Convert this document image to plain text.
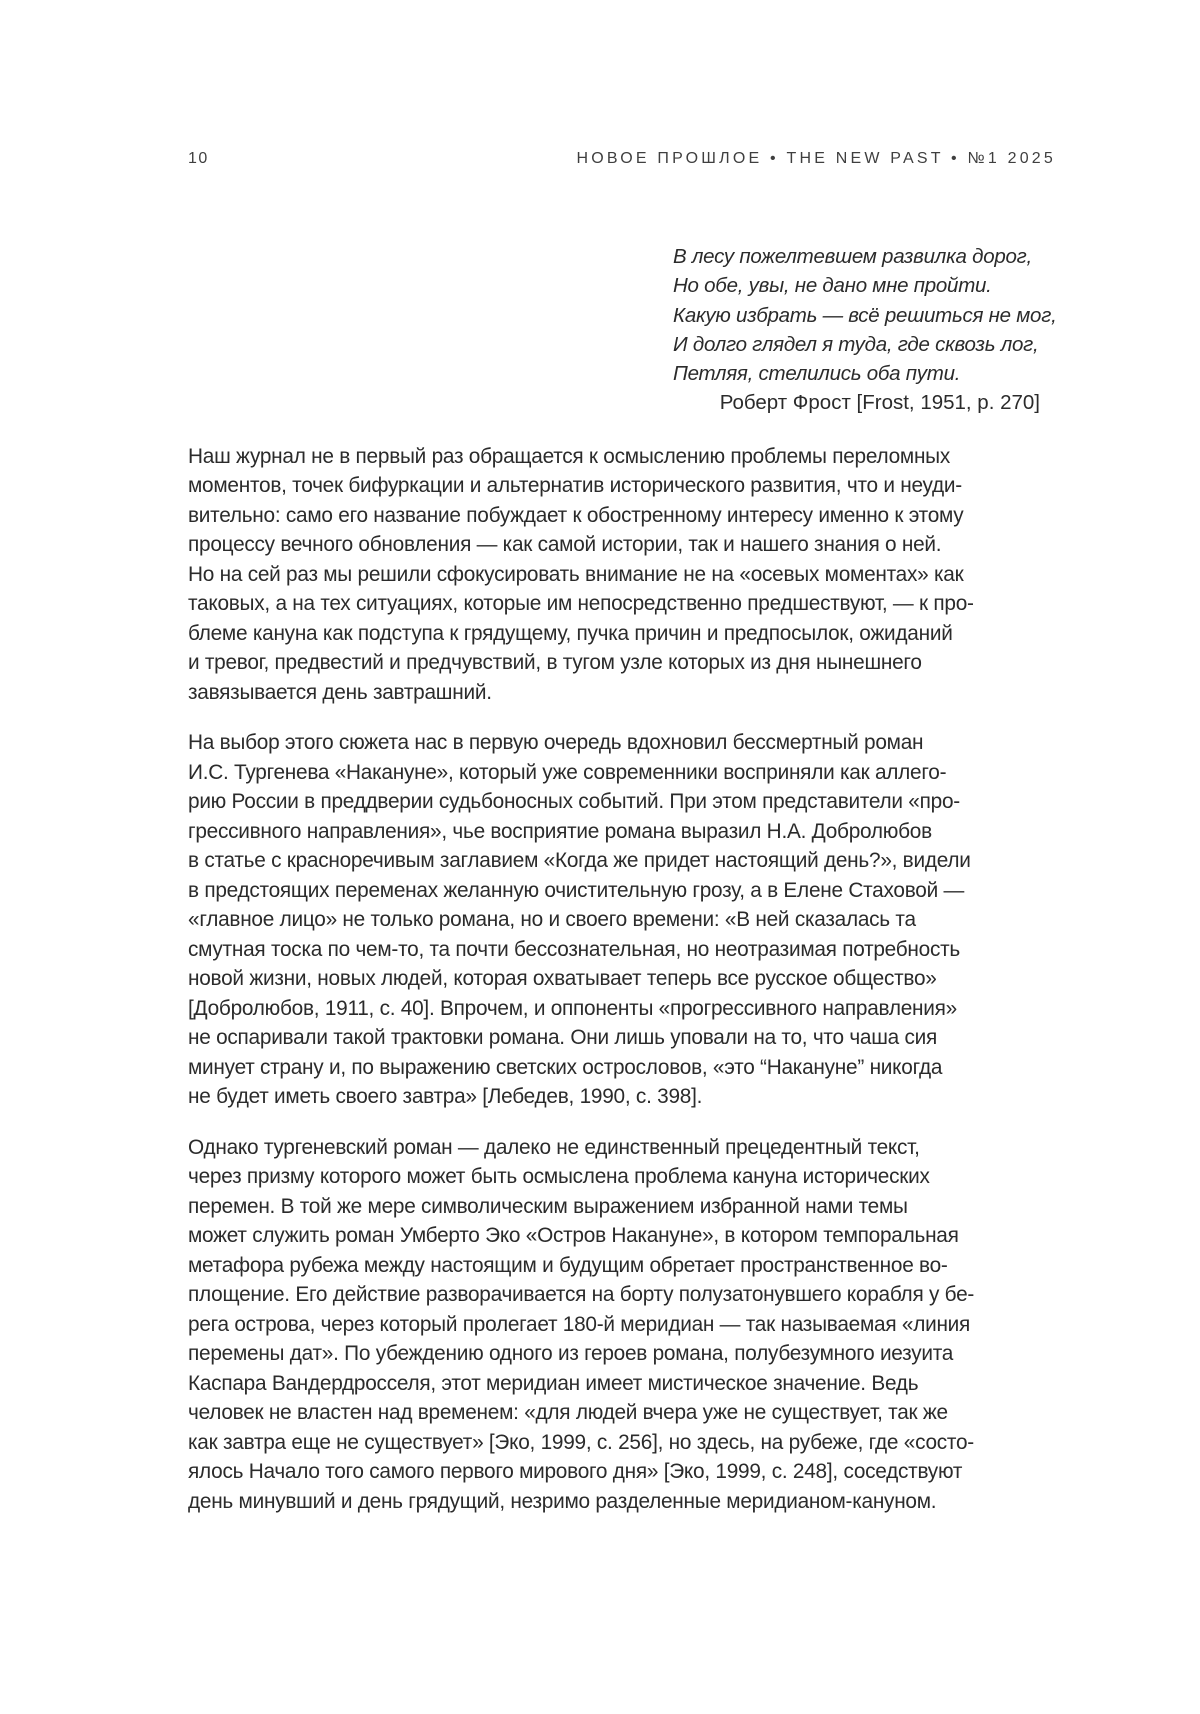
10	НОВОЕ ПРОШЛОЕ • THE NEW PAST • №1 2025
В лесу пожелтевшем развилка дорог,
Но обе, увы, не дано мне пройти.
Какую избрать — всё решиться не мог,
И долго глядел я туда, где сквозь лог,
Петляя, стелились оба пути.
Роберт Фрост [Frost, 1951, p. 270]
Наш журнал не в первый раз обращается к осмыслению проблемы переломных
моментов, точек бифуркации и альтернатив исторического развития, что и неуди-
вительно: само его название побуждает к обостренному интересу именно к этому
процессу вечного обновления — как самой истории, так и нашего знания о ней.
Но на сей раз мы решили сфокусировать внимание не на «осевых моментах» как
таковых, а на тех ситуациях, которые им непосредственно предшествуют, — к про-
блеме кануна как подступа к грядущему, пучка причин и предпосылок, ожиданий
и тревог, предвестий и предчувствий, в тугом узле которых из дня нынешнего
завязывается день завтрашний.
На выбор этого сюжета нас в первую очередь вдохновил бессмертный роман
И.С. Тургенева «Накануне», который уже современники восприняли как аллего-
рию России в преддверии судьбоносных событий. При этом представители «про-
грессивного направления», чье восприятие романа выразил Н.А. Добролюбов
в статье с красноречивым заглавием «Когда же придет настоящий день?», видели
в предстоящих переменах желанную очистительную грозу, а в Елене Стаховой —
«главное лицо» не только романа, но и своего времени: «В ней сказалась та
смутная тоска по чем-то, та почти бессознательная, но неотразимая потребность
новой жизни, новых людей, которая охватывает теперь все русское общество»
[Добролюбов, 1911, с. 40]. Впрочем, и оппоненты «прогрессивного направления»
не оспаривали такой трактовки романа. Они лишь уповали на то, что чаша сия
минует страну и, по выражению светских острословов, «это “Накануне” никогда
не будет иметь своего завтра» [Лебедев, 1990, с. 398].
Однако тургеневский роман — далеко не единственный прецедентный текст,
через призму которого может быть осмыслена проблема кануна исторических
перемен. В той же мере символическим выражением избранной нами темы
может служить роман Умберто Эко «Остров Накануне», в котором темпоральная
метафора рубежа между настоящим и будущим обретает пространственное во-
площение. Его действие разворачивается на борту полузатонувшего корабля у бе-
рега острова, через который пролегает 180-й меридиан — так называемая «линия
перемены дат». По убеждению одного из героев романа, полубезумного иезуита
Каспара Вандердросселя, этот меридиан имеет мистическое значение. Ведь
человек не властен над временем: «для людей вчера уже не существует, так же
как завтра еще не существует» [Эко, 1999, с. 256], но здесь, на рубеже, где «состо-
ялось Начало того самого первого мирового дня» [Эко, 1999, с. 248], соседствуют
день минувший и день грядущий, незримо разделенные меридианом-кануном.
